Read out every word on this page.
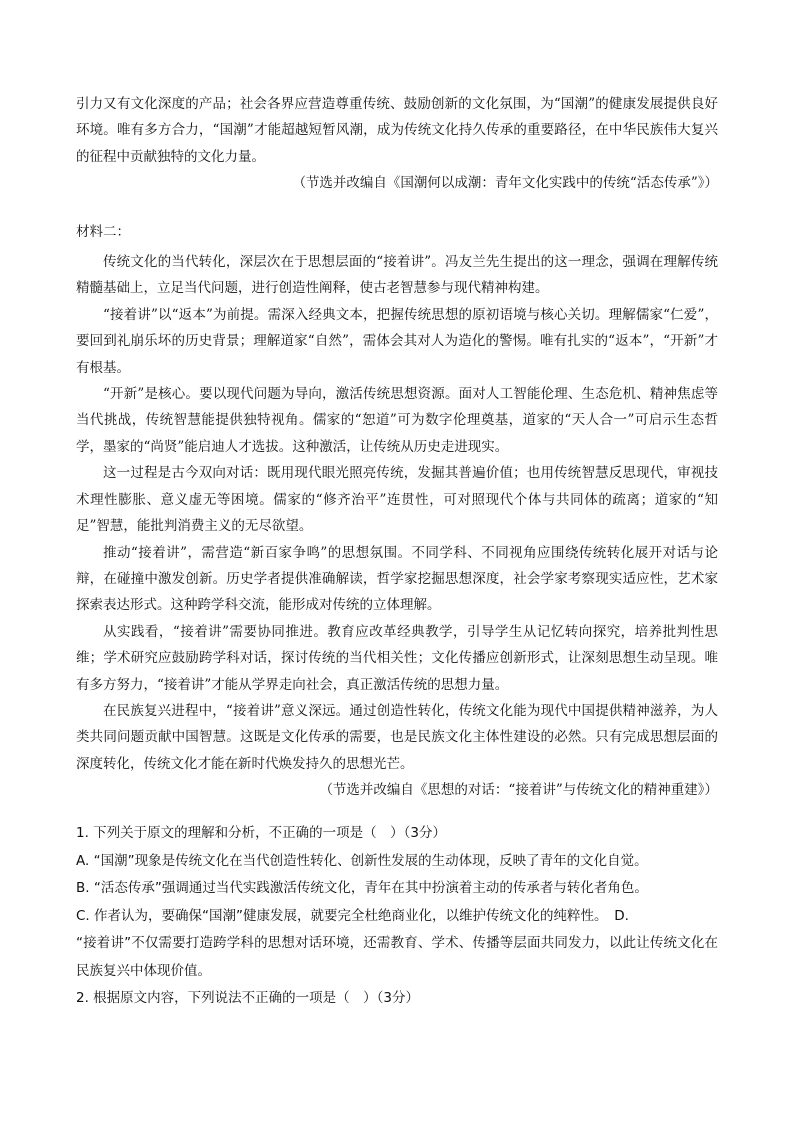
引力又有文化深度的产品；社会各界应营造尊重传统、鼓励创新的文化氛围，为“国潮”的健康发展提供良好环境。唯有多方合力，“国潮”才能超越短暂风潮，成为传统文化持久传承的重要路径，在中华民族伟大复兴的征程中贡献独特的文化力量。

（节选并改编自《国潮何以成潮：青年文化实践中的传统“活态传承”》）

材料二：

传统文化的当代转化，深层次在于思想层面的“接着讲”。冯友兰先生提出的这一理念，强调在理解传统精髓基础上，立足当代问题，进行创造性阐释，使古老智慧参与现代精神构建。

“接着讲”以“返本”为前提。需深入经典文本，把握传统思想的原初语境与核心关切。理解儒家“仁爱”，要回到礼崩乐坏的历史背景；理解道家“自然”，需体会其对人为造化的警惕。唯有扎实的“返本”，“开新”才有根基。

“开新”是核心。要以现代问题为导向，激活传统思想资源。面对人工智能伦理、生态危机、精神焦虑等当代挑战，传统智慧能提供独特视角。儒家的“恕道”可为数字伦理奠基，道家的“天人合一”可启示生态哲学，墨家的“尚贤”能启迪人才选拔。这种激活，让传统从历史走进现实。

这一过程是古今双向对话：既用现代眼光照亮传统，发掘其普遍价值；也用传统智慧反思现代，审视技术理性膨胀、意义虚无等困境。儒家的“修齐治平”连贯性，可对照现代个体与共同体的疏离；道家的“知足”智慧，能批判消费主义的无尽欲望。

推动“接着讲”，需营造“新百家争鸣”的思想氛围。不同学科、不同视角应围绕传统转化展开对话与论辩，在碰撞中激发创新。历史学者提供准确解读，哲学家挖掘思想深度，社会学家考察现实适应性，艺术家探索表达形式。这种跨学科交流，能形成对传统的立体理解。

从实践看，“接着讲”需要协同推进。教育应改革经典教学，引导学生从记忆转向探究，培养批判性思维；学术研究应鼓励跨学科对话，探讨传统的当代相关性；文化传播应创新形式，让深刻思想生动呈现。唯有多方努力，“接着讲”才能从学界走向社会，真正激活传统的思想力量。

在民族复兴进程中，“接着讲”意义深远。通过创造性转化，传统文化能为现代中国提供精神滋养，为人类共同问题贡献中国智慧。这既是文化传承的需要，也是民族文化主体性建设的必然。只有完成思想层面的深度转化，传统文化才能在新时代焕发持久的思想光芒。

（节选并改编自《思想的对话：“接着讲”与传统文化的精神重建》）

1. 下列关于原文的理解和分析，不正确的一项是（　）（3分）

A. “国潮”现象是传统文化在当代创造性转化、创新性发展的生动体现，反映了青年的文化自觉。

B. “活态传承”强调通过当代实践激活传统文化，青年在其中扮演着主动的传承者与转化者角色。

C. 作者认为，要确保“国潮”健康发展，就要完全杜绝商业化，以维护传统文化的纯粹性。　D.

“接着讲”不仅需要打造跨学科的思想对话环境，还需教育、学术、传播等层面共同发力，以此让传统文化在民族复兴中体现价值。

2. 根据原文内容，下列说法不正确的一项是（　）（3分）
